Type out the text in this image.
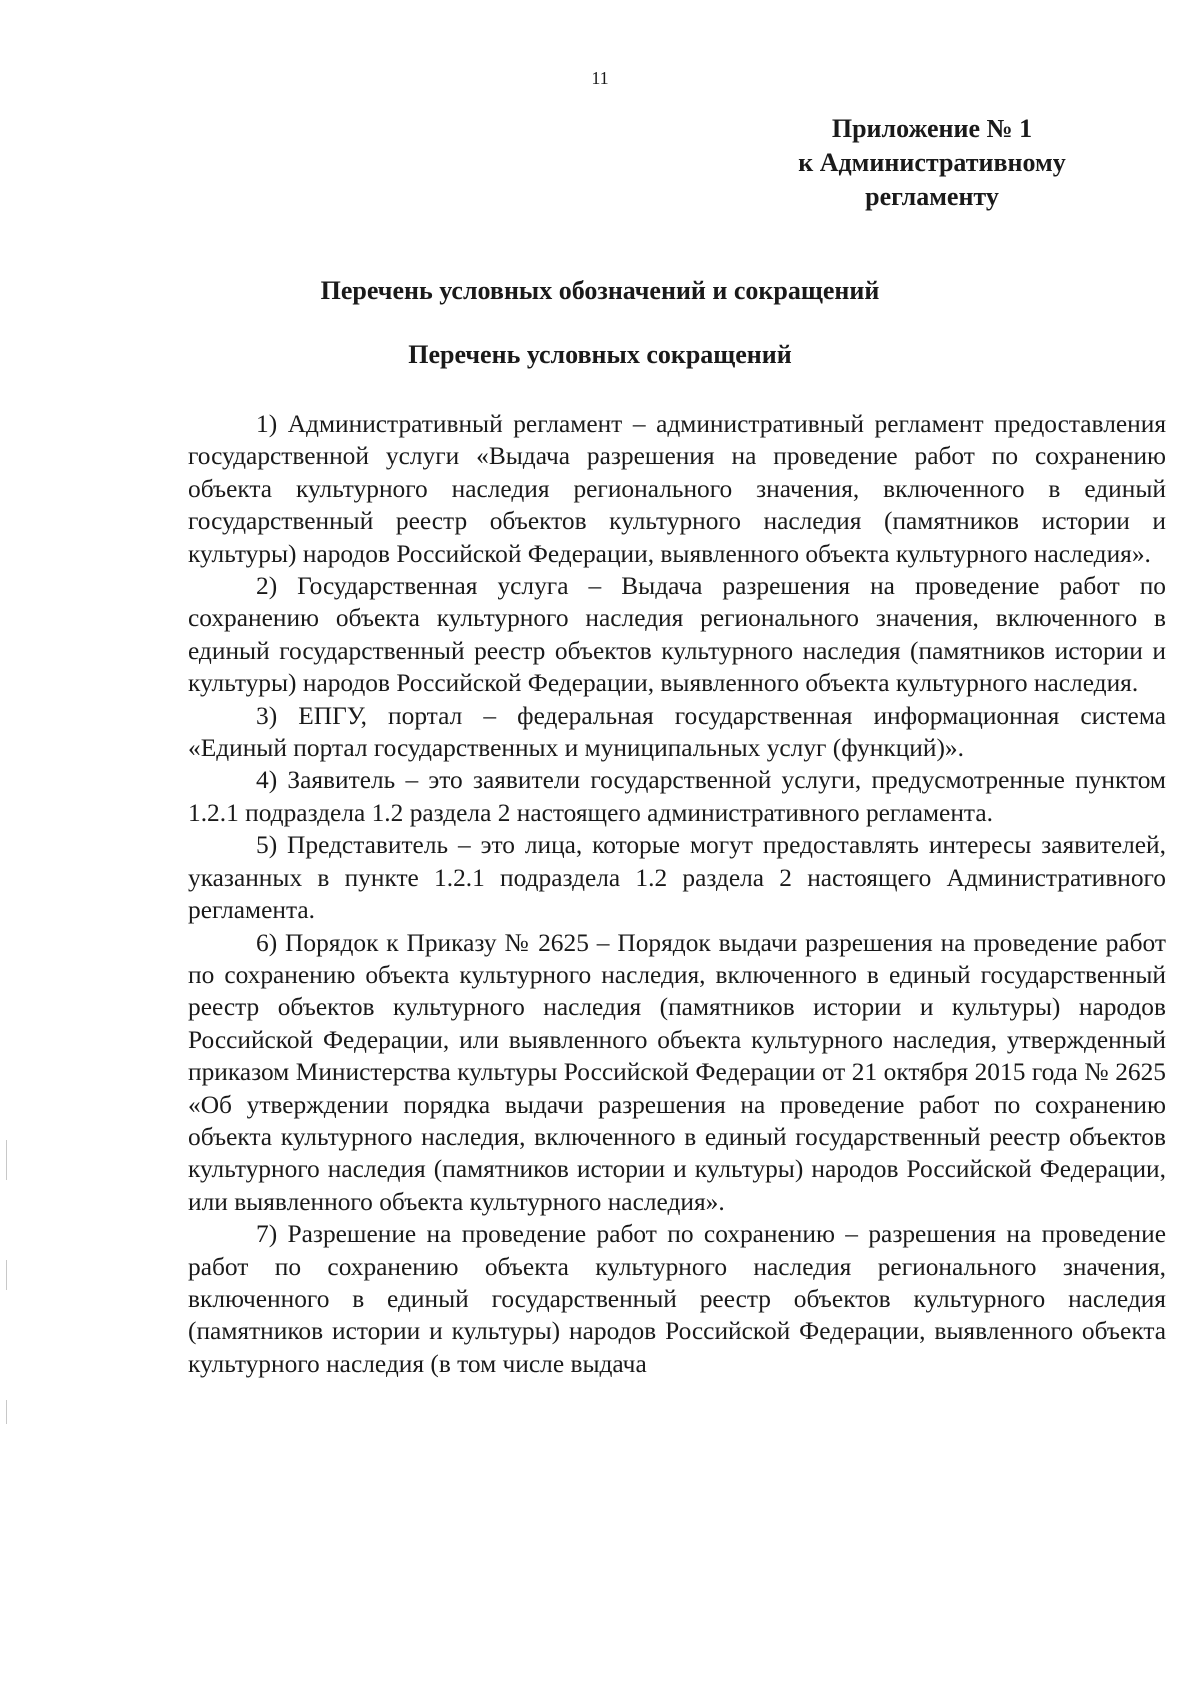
11

Приложение № 1
к Административному
регламенту
Перечень условных обозначений и сокращений
Перечень условных сокращений

1) Административный регламент – административный регламент предоставления государственной услуги «Выдача разрешения на проведение работ по сохранению объекта культурного наследия регионального значения, включенного в единый государственный реестр объектов культурного наследия (памятников истории и культуры) народов Российской Федерации, выявленного объекта культурного наследия».

2) Государственная услуга – Выдача разрешения на проведение работ по сохранению объекта культурного наследия регионального значения, включенного в единый государственный реестр объектов культурного наследия (памятников истории и культуры) народов Российской Федерации, выявленного объекта культурного наследия.

3) ЕПГУ, портал – федеральная государственная информационная система «Единый портал государственных и муниципальных услуг (функций)».

4) Заявитель – это заявители государственной услуги, предусмотренные пунктом 1.2.1 подраздела 1.2 раздела 2 настоящего административного регламента.

5) Представитель – это лица, которые могут предоставлять интересы заявителей, указанных в пункте 1.2.1 подраздела 1.2 раздела 2 настоящего Административного регламента.

6) Порядок к Приказу № 2625 – Порядок выдачи разрешения на проведение работ по сохранению объекта культурного наследия, включенного в единый государственный реестр объектов культурного наследия (памятников истории и культуры) народов Российской Федерации, или выявленного объекта культурного наследия, утвержденный приказом Министерства культуры Российской Федерации от 21 октября 2015 года № 2625 «Об утверждении порядка выдачи разрешения на проведение работ по сохранению объекта культурного наследия, включенного в единый государственный реестр объектов культурного наследия (памятников истории и культуры) народов Российской Федерации, или выявленного объекта культурного наследия».

7) Разрешение на проведение работ по сохранению – разрешения на проведение работ по сохранению объекта культурного наследия регионального значения, включенного в единый государственный реестр объектов культурного наследия (памятников истории и культуры) народов Российской Федерации, выявленного объекта культурного наследия (в том числе выдача
